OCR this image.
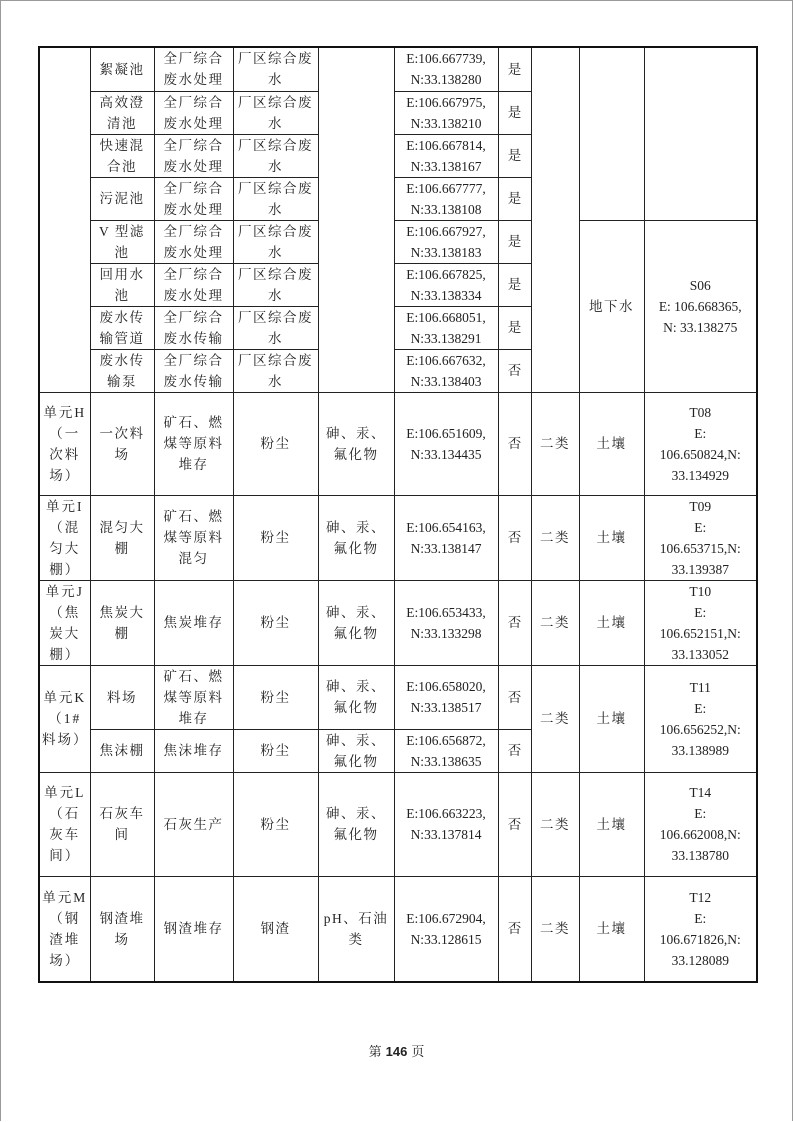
	絮凝池	全厂综合废水处理	厂区综合废水		E:106.667739, N:33.138280	是			
	高效澄清池	全厂综合废水处理	厂区综合废水		E:106.667975, N:33.138210	是			
	快速混合池	全厂综合废水处理	厂区综合废水		E:106.667814, N:33.138167	是			
	污泥池	全厂综合废水处理	厂区综合废水		E:106.667777, N:33.138108	是			
	V 型滤池	全厂综合废水处理	厂区综合废水		E:106.667927, N:33.138183	是		地下水	S06
E: 106.668365,
N: 33.138275
	回用水池	全厂综合废水处理	厂区综合废水		E:106.667825, N:33.138334	是			
	废水传输管道	全厂综合废水传输	厂区综合废水		E:106.668051, N:33.138291	是			
	废水传输泵	全厂综合废水传输	厂区综合废水		E:106.667632, N:33.138403	否			
单元H（一次料场）	一次料场	矿石、燃煤等原料堆存	粉尘	砷、汞、氟化物	E:106.651609, N:33.134435	否	二类	土壤	T08
E:
106.650824,N: 33.134929
单元I（混匀大棚）	混匀大棚	矿石、燃煤等原料混匀	粉尘	砷、汞、氟化物	E:106.654163, N:33.138147	否	二类	土壤	T09
E:
106.653715,N: 33.139387
单元J（焦炭大棚）	焦炭大棚	焦炭堆存	粉尘	砷、汞、氟化物	E:106.653433, N:33.133298	否	二类	土壤	T10
E:
106.652151,N: 33.133052
单元K（1#料场）	料场	矿石、燃煤等原料堆存	粉尘	砷、汞、氟化物	E:106.658020, N:33.138517	否	二类	土壤	T11
E:
106.656252,N: 33.138989
	焦沫棚	焦沫堆存	粉尘	砷、汞、氟化物	E:106.656872, N:33.138635	否			
单元L（石灰车间）	石灰车间	石灰生产	粉尘	砷、汞、氟化物	E:106.663223, N:33.137814	否	二类	土壤	T14
E:
106.662008,N: 33.138780
单元M（钢渣堆场）	钢渣堆场	钢渣堆存	钢渣	pH、石油类	E:106.672904, N:33.128615	否	二类	土壤	T12
E:
106.671826,N: 33.128089
第 146 页
